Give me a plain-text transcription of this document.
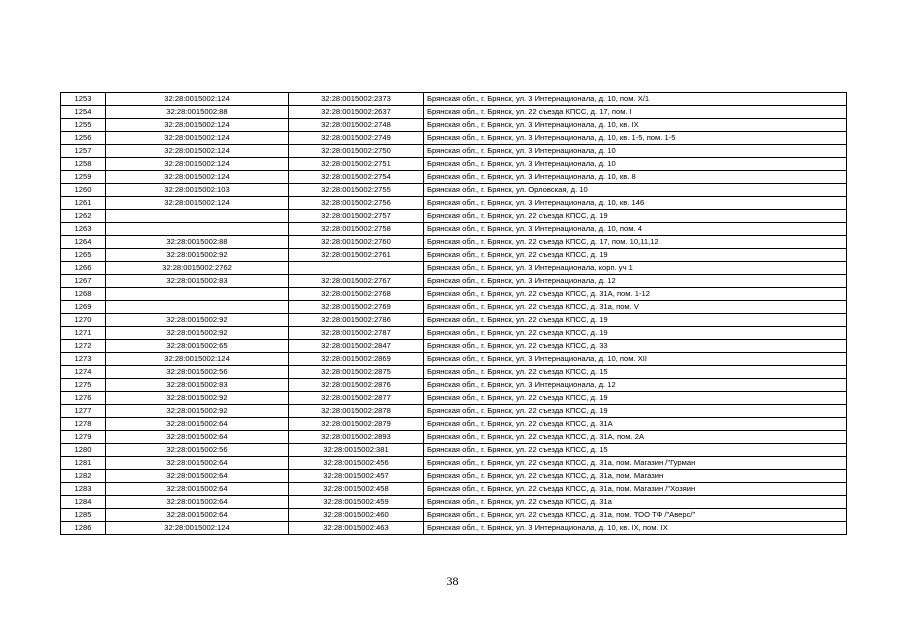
1253	32:28:0015002:124	32:28:0015002:2373	Брянская обл., г. Брянск, ул. 3 Интернационала, д. 10, пом. X/1
1254	32:28:0015002:88	32:28:0015002:2637	Брянская обл., г. Брянск, ул. 22 съезда КПСС, д. 17, пом. I
1255	32:28:0015002:124	32:28:0015002:2748	Брянская обл., г. Брянск, ул. 3 Интернационала, д. 10, кв. IX
1256	32:28:0015002:124	32:28:0015002:2749	Брянская обл., г. Брянск, ул. 3 Интернационала, д. 10, кв. 1-5, пом. 1-5
1257	32:28:0015002:124	32:28:0015002:2750	Брянская обл., г. Брянск, ул. 3 Интернационала, д. 10
1258	32:28:0015002:124	32:28:0015002:2751	Брянская обл., г. Брянск, ул. 3 Интернационала, д. 10
1259	32:28:0015002:124	32:28:0015002:2754	Брянская обл., г. Брянск, ул. 3 Интернационала, д. 10, кв. 8
1260	32:28:0015002:103	32:28:0015002:2755	Брянская обл., г. Брянск, ул. Орловская, д. 10
1261	32:28:0015002:124	32:28:0015002:2756	Брянская обл., г. Брянск, ул. 3 Интернационала, д. 10, кв. 146
1262		32:28:0015002:2757	Брянская обл., г. Брянск, ул. 22 съезда КПСС, д. 19
1263		32:28:0015002:2758	Брянская обл., г. Брянск, ул. 3 Интернационала, д. 10, пом. 4
1264	32:28:0015002:88	32:28:0015002:2760	Брянская обл., г. Брянск, ул. 22 съезда КПСС, д. 17, пом. 10,11,12
1265	32:28:0015002:92	32:28:0015002:2761	Брянская обл., г. Брянск, ул. 22 съезда КПСС, д. 19
1266	32:28:0015002:2762		Брянская обл., г. Брянск, ул. 3 Интернационала, корп. уч 1
1267	32:28:0015002:83	32:28:0015002:2767	Брянская обл., г. Брянск, ул. 3 Интернационала, д. 12
1268		32:28:0015002:2768	Брянская обл., г. Брянск, ул. 22 съезда КПСС, д. 31А, пом. 1-12
1269		32:28:0015002:2769	Брянская обл., г. Брянск, ул. 22 съезда КПСС, д. 31а, пом. V
1270	32:28:0015002:92	32:28:0015002:2786	Брянская обл., г. Брянск, ул. 22 съезда КПСС, д. 19
1271	32:28:0015002:92	32:28:0015002:2787	Брянская обл., г. Брянск, ул. 22 съезда КПСС, д. 19
1272	32:28:0015002:65	32:28:0015002:2847	Брянская обл., г. Брянск, ул. 22 съезда КПСС, д. 33
1273	32:28:0015002:124	32:28:0015002:2869	Брянская обл., г. Брянск, ул. 3 Интернационала, д. 10, пом. XII
1274	32:28:0015002:56	32:28:0015002:2875	Брянская обл., г. Брянск, ул. 22 съезда КПСС, д. 15
1275	32:28:0015002:83	32:28:0015002:2876	Брянская обл., г. Брянск, ул. 3 Интернационала, д. 12
1276	32:28:0015002:92	32:28:0015002:2877	Брянская обл., г. Брянск, ул. 22 съезда КПСС, д. 19
1277	32:28:0015002:92	32:28:0015002:2878	Брянская обл., г. Брянск, ул. 22 съезда КПСС, д. 19
1278	32:28:0015002:64	32:28:0015002:2879	Брянская обл., г. Брянск, ул. 22 съезда КПСС, д. 31А
1279	32:28:0015002:64	32:28:0015002:2893	Брянская обл., г. Брянск, ул. 22 съезда КПСС, д. 31А, пом. 2А
1280	32:28:0015002:56	32:28:0015002:381	Брянская обл., г. Брянск, ул. 22 съезда КПСС, д. 15
1281	32:28:0015002:64	32:28:0015002:456	Брянская обл., г. Брянск, ул. 22 съезда КПСС, д. 31а, пом. Магазин /"Гурман
1282	32:28:0015002:64	32:28:0015002:457	Брянская обл., г. Брянск, ул. 22 съезда КПСС, д. 31а, пом. Магазин
1283	32:28:0015002:64	32:28:0015002:458	Брянская обл., г. Брянск, ул. 22 съезда КПСС, д. 31а, пом. Магазин /"Хозяин
1284	32:28:0015002:64	32:28:0015002:459	Брянская обл., г. Брянск, ул. 22 съезда КПСС, д. 31а
1285	32:28:0015002:64	32:28:0015002:460	Брянская обл., г. Брянск, ул. 22 съезда КПСС, д. 31а, пом. ТОО ТФ /"Аверс/"
1286	32:28:0015002:124	32:28:0015002:463	Брянская обл., г. Брянск, ул. 3 Интернационала, д. 10, кв. IX, пом. IX
38
